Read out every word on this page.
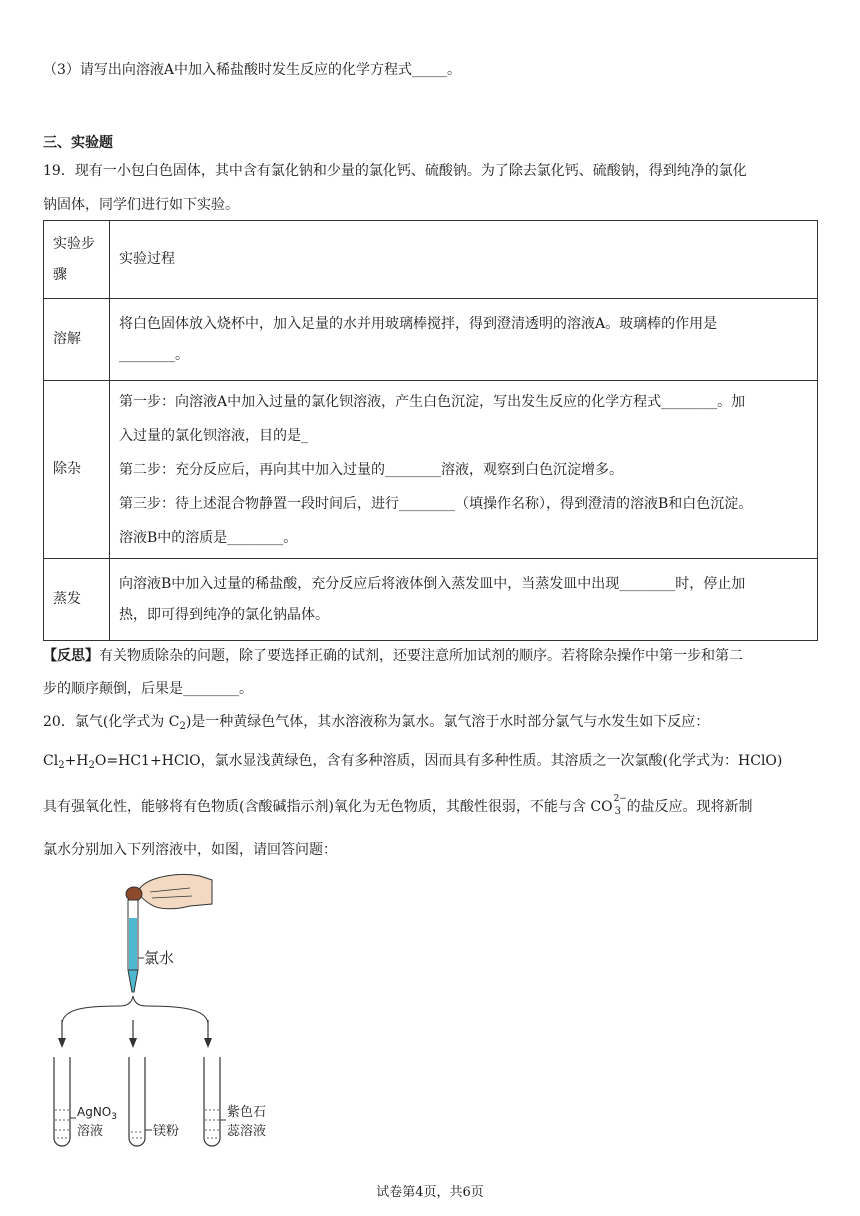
（3）请写出向溶液A中加入稀盐酸时发生反应的化学方程式_____。
三、实验题
19．现有一小包白色固体，其中含有氯化钠和少量的氯化钙、硫酸钠。为了除去氯化钙、硫酸钠，得到纯净的氯化
钠固体，同学们进行如下实验。
实验步
骤	实验过程
溶解	将白色固体放入烧杯中，加入足量的水并用玻璃棒搅拌，得到澄清透明的溶液A。玻璃棒的作用是
________。

除杂	第一步：向溶液A中加入过量的氯化钡溶液，产生白色沉淀，写出发生反应的化学方程式________。加
入过量的氯化钡溶液，目的是_
第二步：充分反应后，再向其中加入过量的________溶液，观察到白色沉淀增多。
第三步：待上述混合物静置一段时间后，进行________（填操作名称），得到澄清的溶液B和白色沉淀。
溶液B中的溶质是________。

蒸发	向溶液B中加入过量的稀盐酸，充分反应后将液体倒入蒸发皿中，当蒸发皿中出现________时，停止加
热，即可得到纯净的氯化钠晶体。
【反思】有关物质除杂的问题，除了要选择正确的试剂，还要注意所加试剂的顺序。若将除杂操作中第一步和第二
步的顺序颠倒，后果是________。
20．氯气(化学式为 $C_2$)是一种黄绿色气体，其水溶液称为氯水。氯气溶于水时部分氯气与水发生如下反应：
$Cl_2+H_2O=HC1+HClO$，氯水显浅黄绿色，含有多种溶质，因而具有多种性质。其溶质之一次氯酸(化学式为：HClO)
具有强氧化性，能够将有色物质(含酸碱指示剂)氧化为无色物质，其酸性很弱，不能与含 CO 2−
3 的盐反应。现将新制
氯水分别加入下列溶液中，如图，请回答问题：
氯水
AgNO$_3$
溶液	镁粉
紫色石
蕊溶液
试卷第4页，共6页
